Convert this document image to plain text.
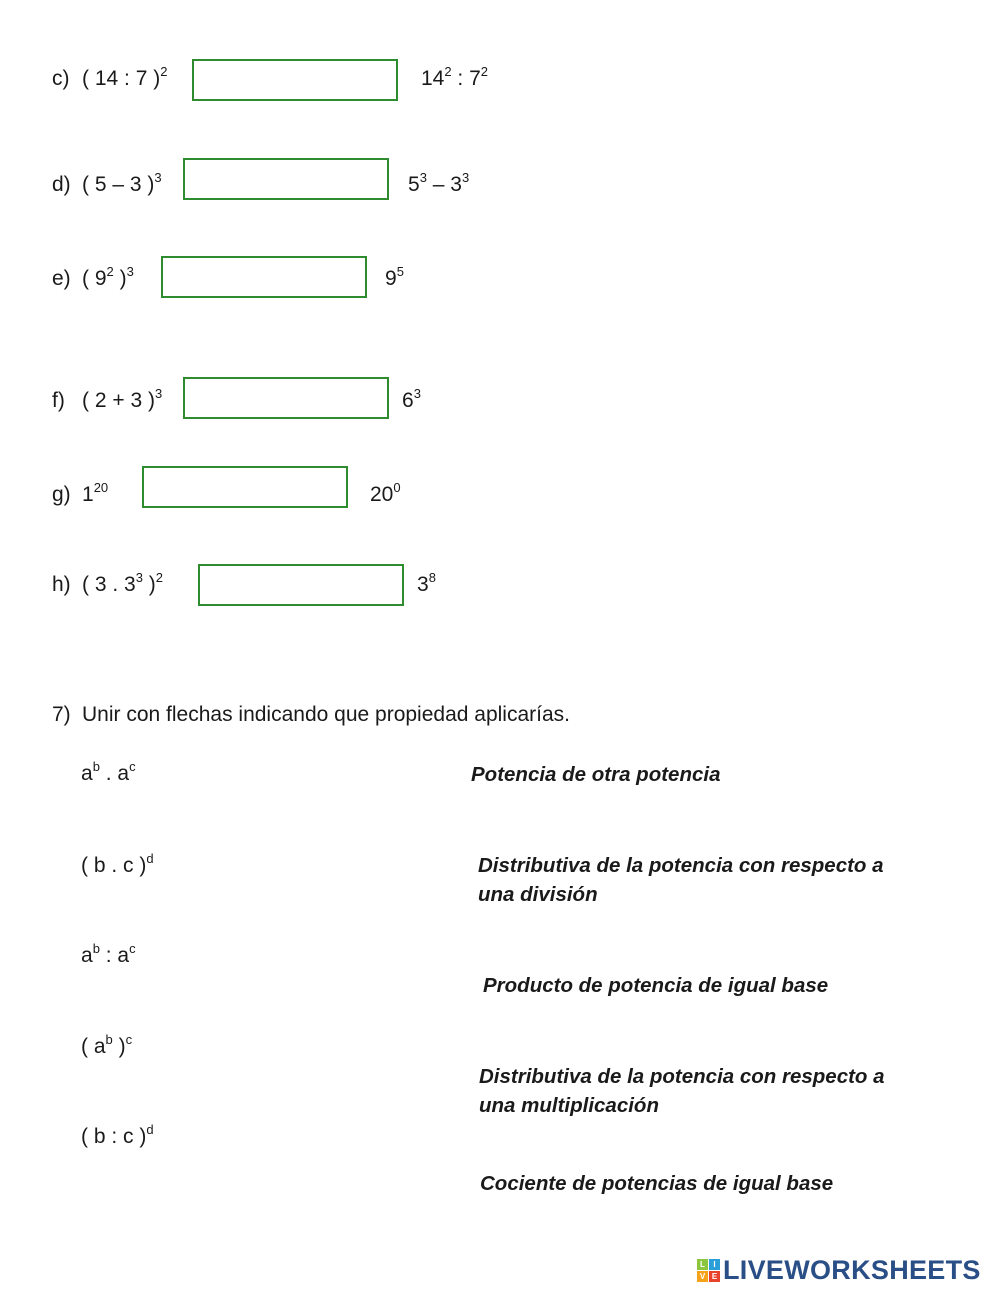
c) ( 14 : 7 )$^2$	$14^2$ : $7^2$
d) ( 5 – 3 )$^3$	$5^3 - 3^3$
e) ( $9^2$ )$^3$	$9^5$
f) ( 2 + 3 )$^3$	$6^3$
g) $1^{20}$	$20^0$
h) ( 3 . $3^3$ )$^2$	$3^8$
7) Unir con flechas indicando que propiedad aplicarías.
$a^b$ . $a^c$
( b . c )$^d$
$a^b$ : $a^c$
( $a^b$ )$^c$
( b : c )$^d$
Potencia de otra potencia
Distributiva de la potencia con respecto a
una división
Producto de potencia de igual base
Distributiva de la potencia con respecto a
una multiplicación
Cociente de potencias de igual base
L	I
V E LIVEWORKSHEETS
